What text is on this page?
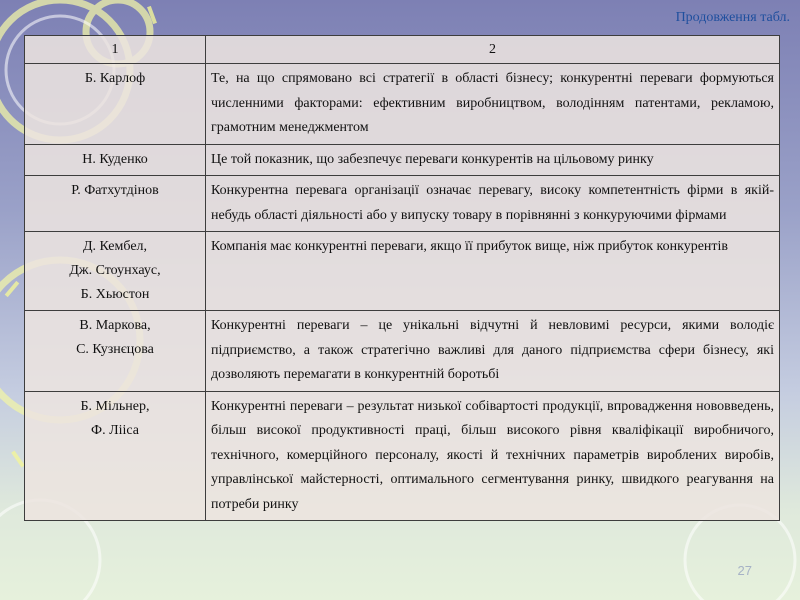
Продовження табл.
1	2

Б. Карлоф	Те, на що спрямовано всі стратегії в області бізнесу; конкурентні переваги формуються численними факторами: ефективним виробництвом, володінням патентами, рекламою, грамотним менеджментом

Н. Куденко	Це той показник, що забезпечує переваги конкурентів на цільовому ринку

Р. Фатхутдінов	Конкурентна перевага організації означає перевагу, високу компетентність фірми в якій-небудь області діяльності або у випуску товару в порівнянні з конкуруючими фірмами

Д. Кембел,
Дж. Стоунхаус,
Б. Хьюстон	Компанія має конкурентні переваги, якщо її прибуток вище, ніж прибуток конкурентів

В. Маркова,
С. Кузнєцова	Конкурентні переваги – це унікальні відчутні й невловимі ресурси, якими володіє підприємство, а також стратегічно важливі для даного підприємства сфери бізнесу, які дозволяють перемагати в конкурентній боротьбі

Б. Мільнер,
Ф. Лііса	Конкурентні переваги – результат низької собівартості продукції, впровадження нововведень, більш високої продуктивності праці, більш високого рівня кваліфікації виробничого, технічного, комерційного персоналу, якості й технічних параметрів вироблених виробів, управлінської майстерності, оптимального сегментування ринку, швидкого реагування на потреби ринку
27
